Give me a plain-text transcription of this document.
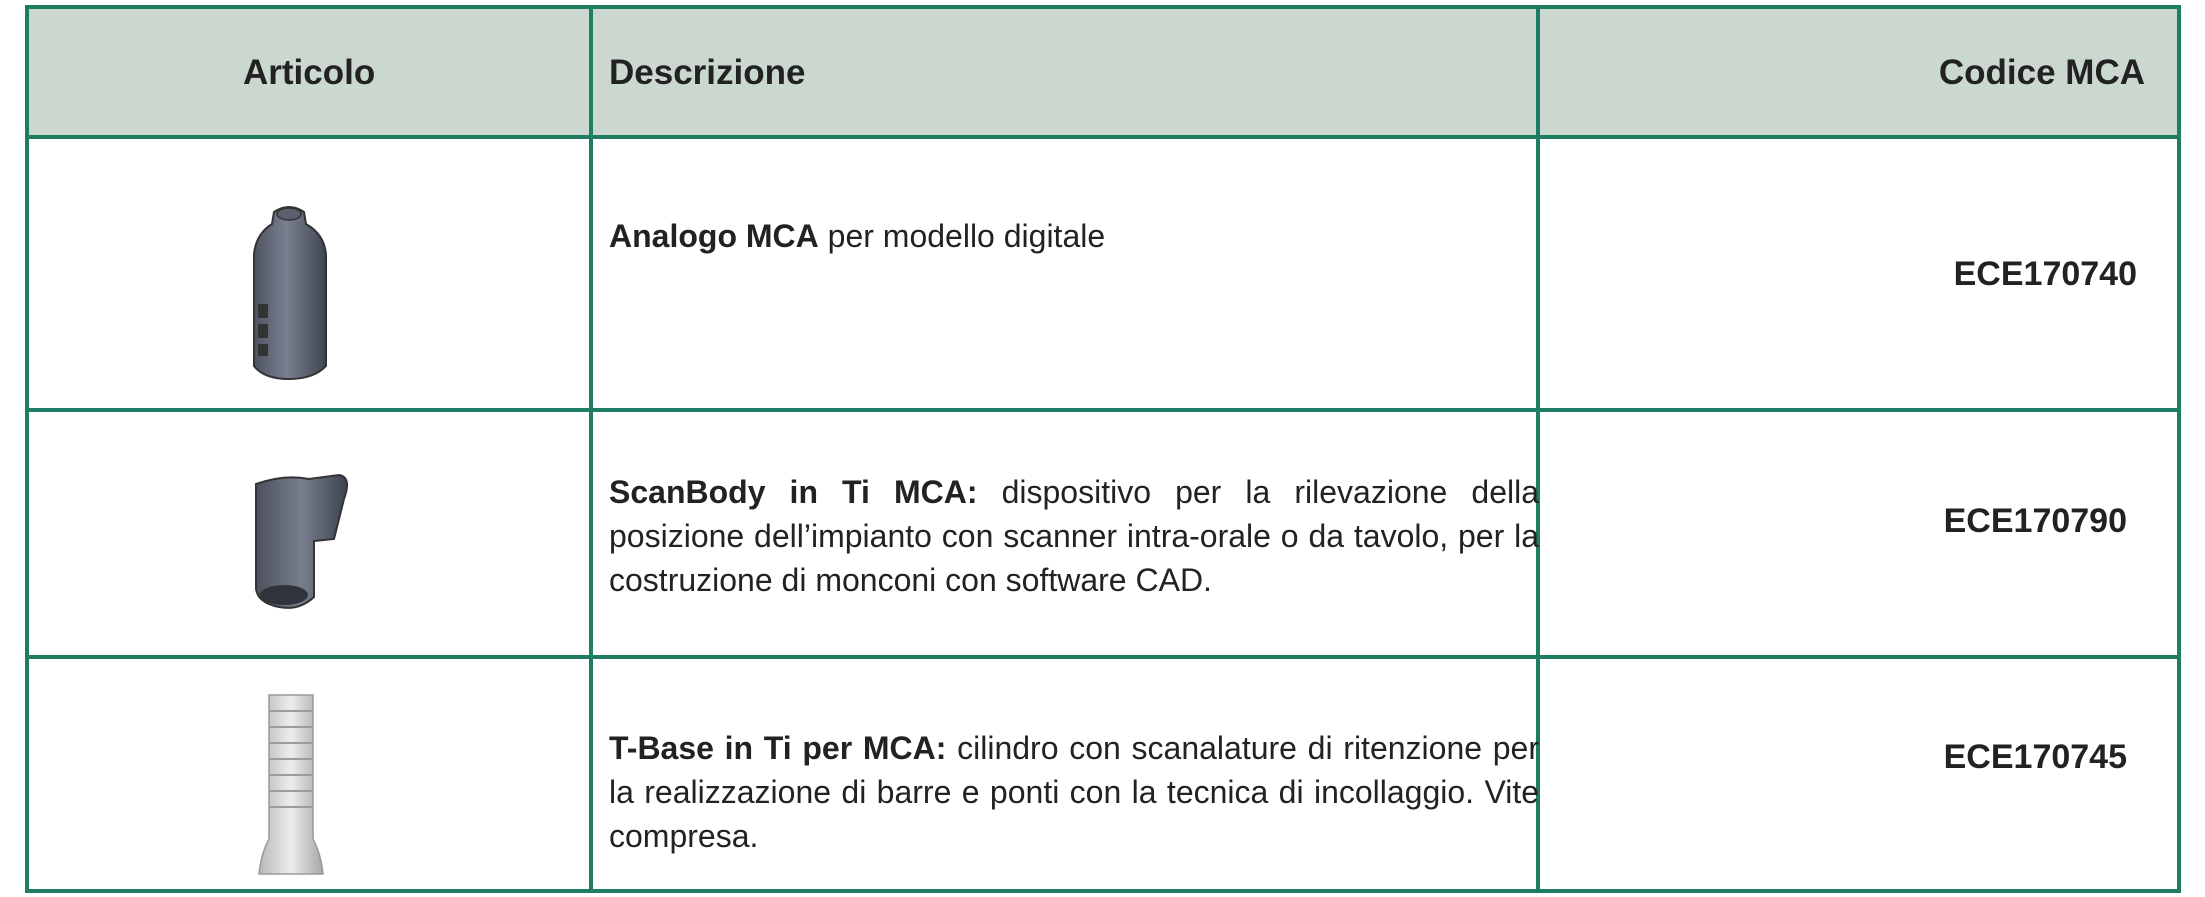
Articolo	Descrizione	Codice MCA
Analogo MCA per modello digitale
ECE170740
ScanBody in Ti MCA: dispositivo per la rilevazione della posizione dell’impianto con scanner intra-orale o da tavolo, per la costruzione di monconi con software CAD.
ECE170790
T-Base in Ti per MCA: cilindro con scanalature di ritenzione per la realizzazione di barre e ponti con la tecnica di incollaggio. Vite compresa.
ECE170745
